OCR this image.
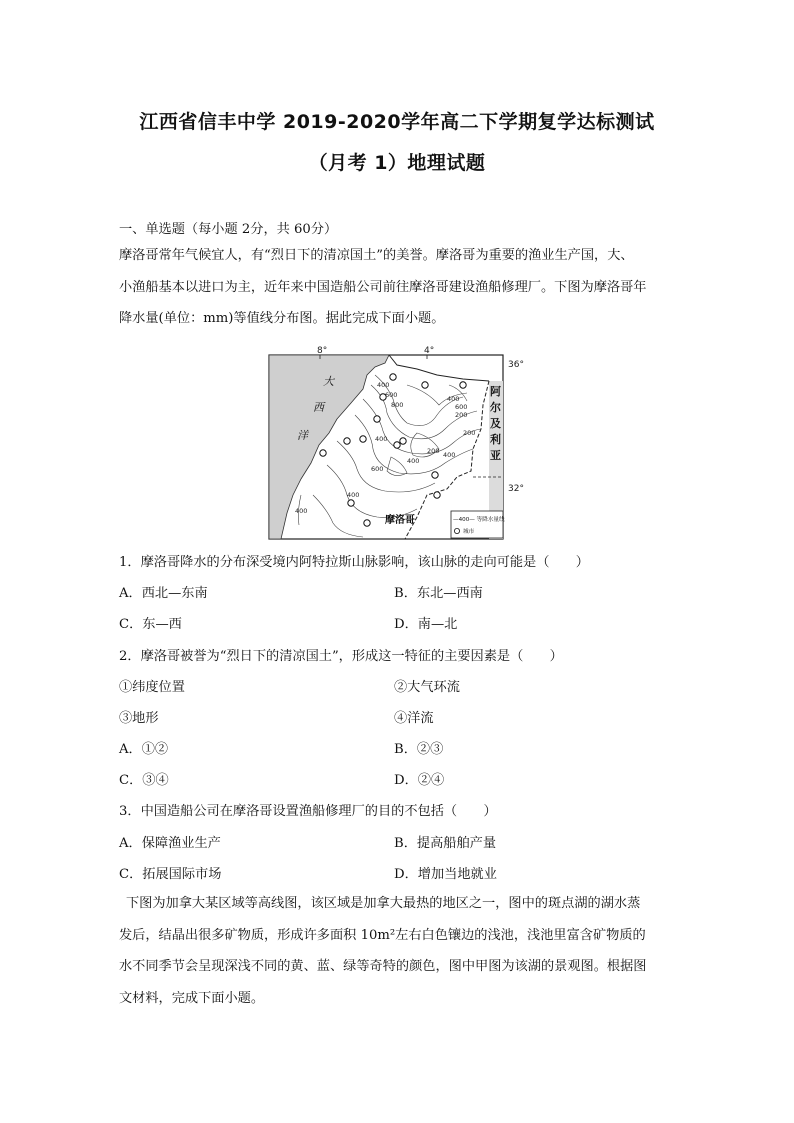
江西省信丰中学 2019-2020学年高二下学期复学达标测试
（月考 1）地理试题
一、单选题（每小题 2分，共 60分）

摩洛哥常年气候宜人，有“烈日下的清凉国土”的美誉。摩洛哥为重要的渔业生产国，大、

小渔船基本以进口为主，近年来中国造船公司前往摩洛哥建设渔船修理厂。下图为摩洛哥年

降水量(单位：mm)等值线分布图。据此完成下面小题。

8°	4°
36°
32°
大
西
洋
阿
尔
及
利
亚
400
600
800
400
600
400
200
400
600
200
400
400
200 400
摩洛哥	—400— 等降水量线
城市
1．摩洛哥降水的分布深受境内阿特拉斯山脉影响，该山脉的走向可能是（　　）
A．西北—东南	B．东北—西南
C．东—西	D．南—北
2．摩洛哥被誉为“烈日下的清凉国土”，形成这一特征的主要因素是（　　）
①纬度位置	②大气环流
③地形	④洋流
A．①②	B．②③
C．③④	D．②④
3．中国造船公司在摩洛哥设置渔船修理厂的目的不包括（　　）
A．保障渔业生产	B．提高船舶产量
C．拓展国际市场	D．增加当地就业

下图为加拿大某区域等高线图，该区域是加拿大最热的地区之一，图中的斑点湖的湖水蒸

发后，结晶出很多矿物质，形成许多面积 10m²左右白色镶边的浅池，浅池里富含矿物质的

水不同季节会呈现深浅不同的黄、蓝、绿等奇特的颜色，图中甲图为该湖的景观图。根据图

文材料，完成下面小题。
